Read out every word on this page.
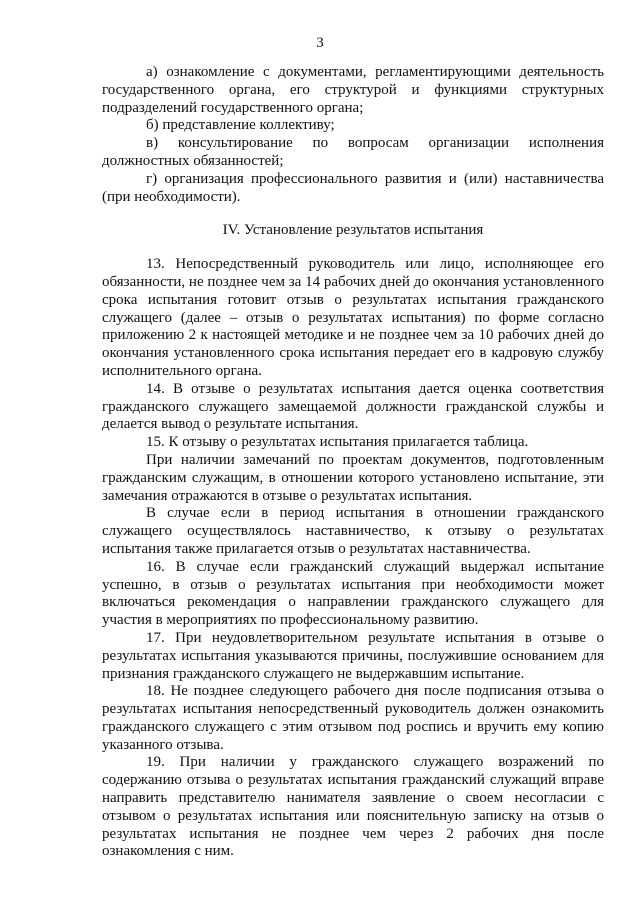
3

а) ознакомление с документами, регламентирующими деятельность государственного органа, его структурой и функциями структурных подразделений государственного органа;

б) представление коллективу;

в) консультирование по вопросам организации исполнения должностных обязанностей;

г) организация профессионального развития и (или) наставничества (при необходимости).

IV. Установление результатов испытания

13. Непосредственный руководитель или лицо, исполняющее его обязанности, не позднее чем за 14 рабочих дней до окончания установленного срока испытания готовит отзыв о результатах испытания гражданского служащего (далее – отзыв о результатах испытания) по форме согласно приложению 2 к настоящей методике и не позднее чем за 10 рабочих дней до окончания установленного срока испытания передает его в кадровую службу исполнительного органа.

14. В отзыве о результатах испытания дается оценка соответствия гражданского служащего замещаемой должности гражданской службы и делается вывод о результате испытания.

15. К отзыву о результатах испытания прилагается таблица.

При наличии замечаний по проектам документов, подготовленным гражданским служащим, в отношении которого установлено испытание, эти замечания отражаются в отзыве о результатах испытания.

В случае если в период испытания в отношении гражданского служащего осуществлялось наставничество, к отзыву о результатах испытания также прилагается отзыв о результатах наставничества.

16. В случае если гражданский служащий выдержал испытание успешно, в отзыв о результатах испытания при необходимости может включаться рекомендация о направлении гражданского служащего для участия в мероприятиях по профессиональному развитию.

17. При неудовлетворительном результате испытания в отзыве о результатах испытания указываются причины, послужившие основанием для признания гражданского служащего не выдержавшим испытание.

18. Не позднее следующего рабочего дня после подписания отзыва о результатах испытания непосредственный руководитель должен ознакомить гражданского служащего с этим отзывом под роспись и вручить ему копию указанного отзыва.

19. При наличии у гражданского служащего возражений по содержанию отзыва о результатах испытания гражданский служащий вправе направить представителю нанимателя заявление о своем несогласии с отзывом о результатах испытания или пояснительную записку на отзыв о результатах испытания не позднее чем через 2 рабочих дня после ознакомления с ним.
